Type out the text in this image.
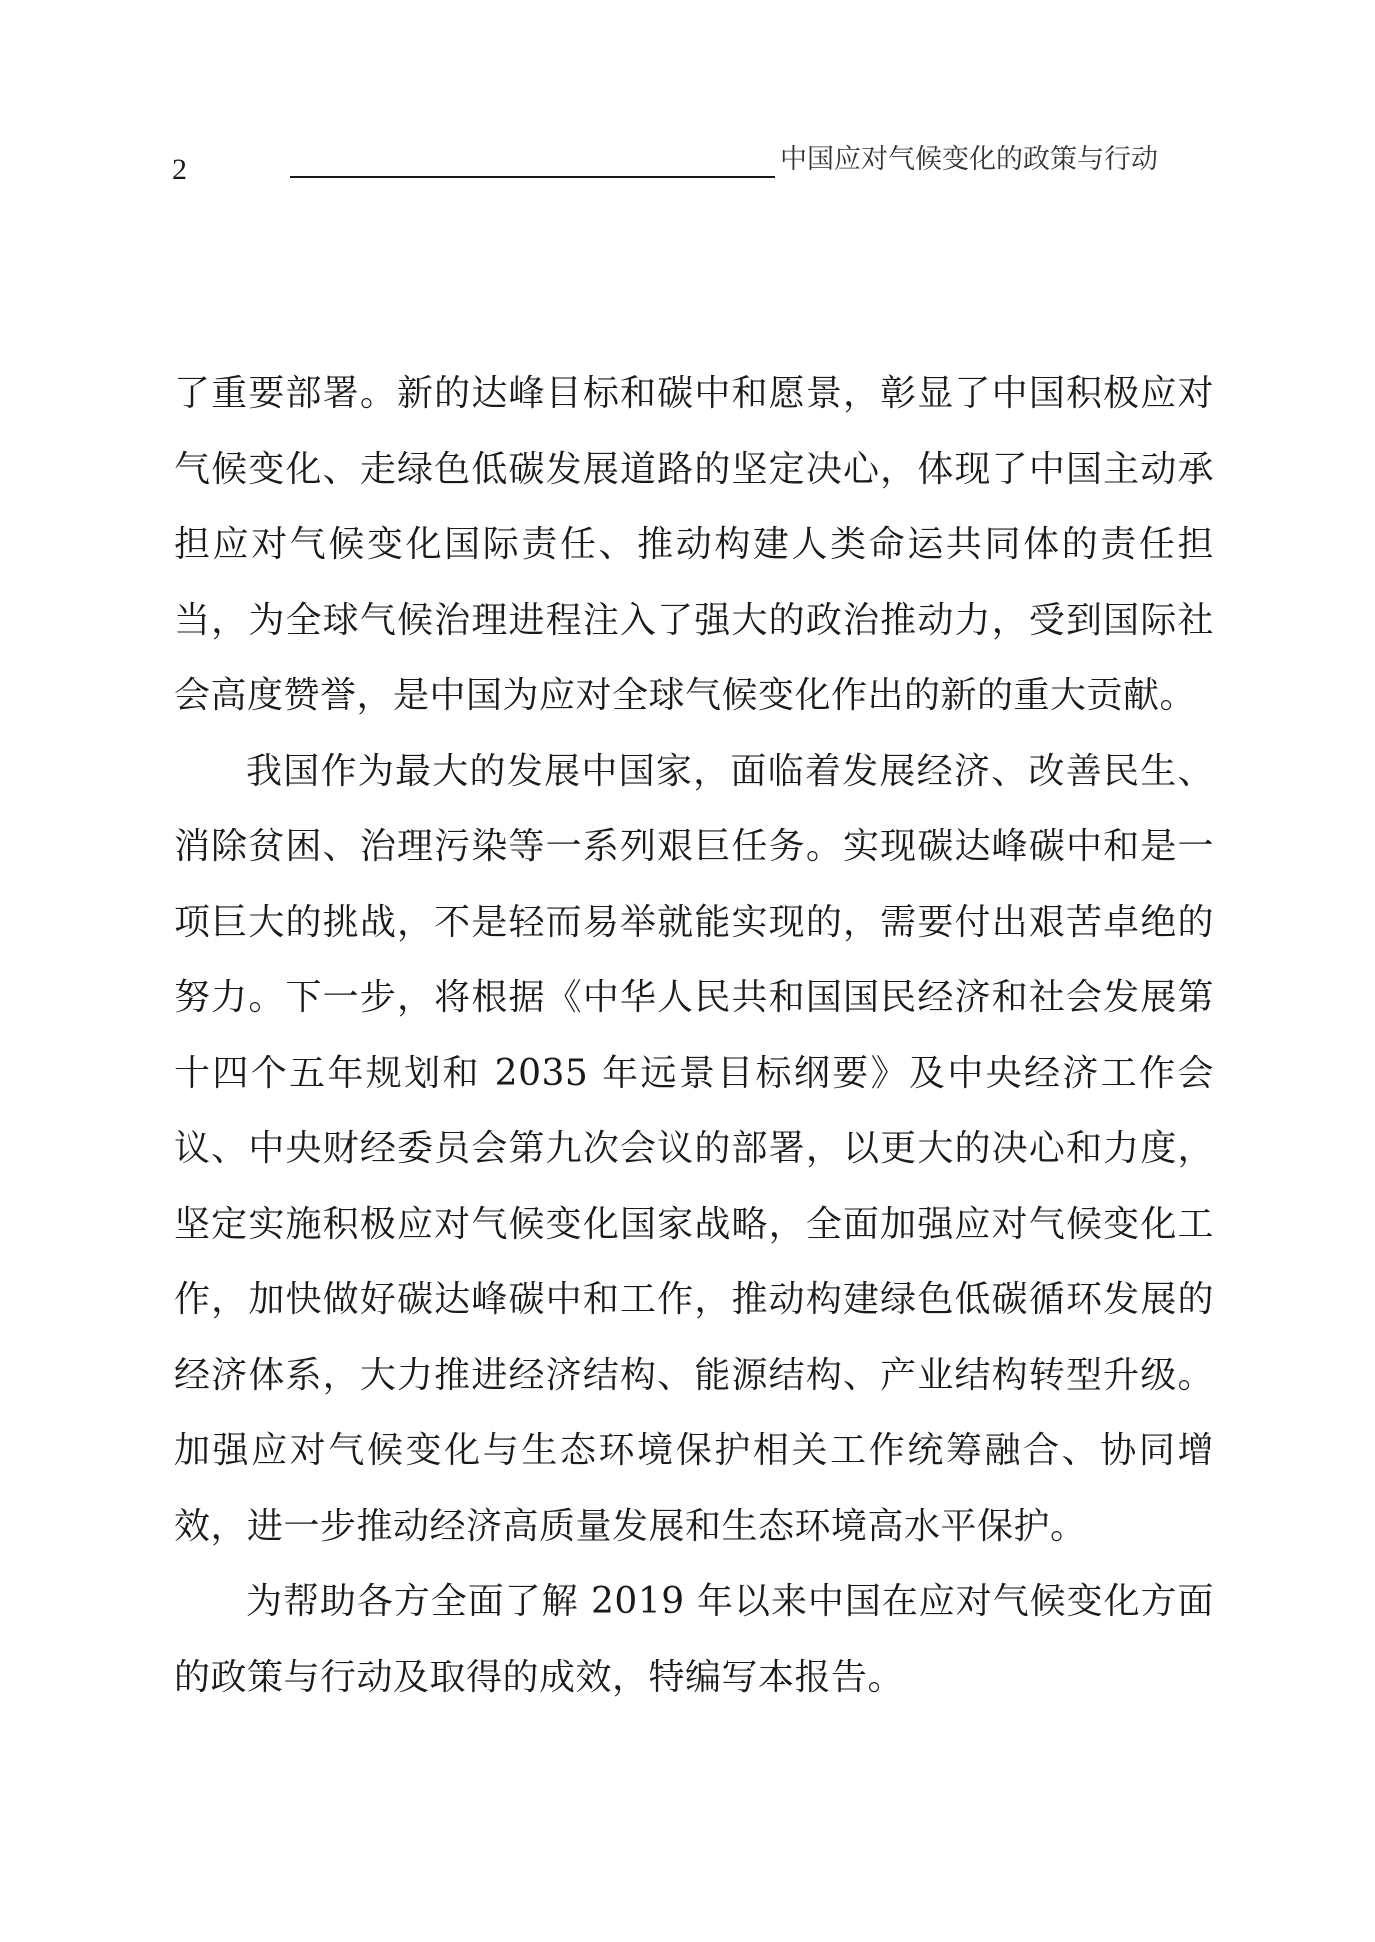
2	中国应对气候变化的政策与行动

了重要部署。新的达峰目标和碳中和愿景，彰显了中国积极应对气候变化、走绿色低碳发展道路的坚定决心，体现了中国主动承担应对气候变化国际责任、推动构建人类命运共同体的责任担当，为全球气候治理进程注入了强大的政治推动力，受到国际社会高度赞誉，是中国为应对全球气候变化作出的新的重大贡献。

我国作为最大的发展中国家，面临着发展经济、改善民生、消除贫困、治理污染等一系列艰巨任务。实现碳达峰碳中和是一项巨大的挑战，不是轻而易举就能实现的，需要付出艰苦卓绝的努力。下一步，将根据《中华人民共和国国民经济和社会发展第十四个五年规划和 2035 年远景目标纲要》及中央经济工作会议、中央财经委员会第九次会议的部署，以更大的决心和力度，坚定实施积极应对气候变化国家战略，全面加强应对气候变化工作，加快做好碳达峰碳中和工作，推动构建绿色低碳循环发展的经济体系，大力推进经济结构、能源结构、产业结构转型升级。加强应对气候变化与生态环境保护相关工作统筹融合、协同增效，进一步推动经济高质量发展和生态环境高水平保护。

为帮助各方全面了解 2019 年以来中国在应对气候变化方面的政策与行动及取得的成效，特编写本报告。
